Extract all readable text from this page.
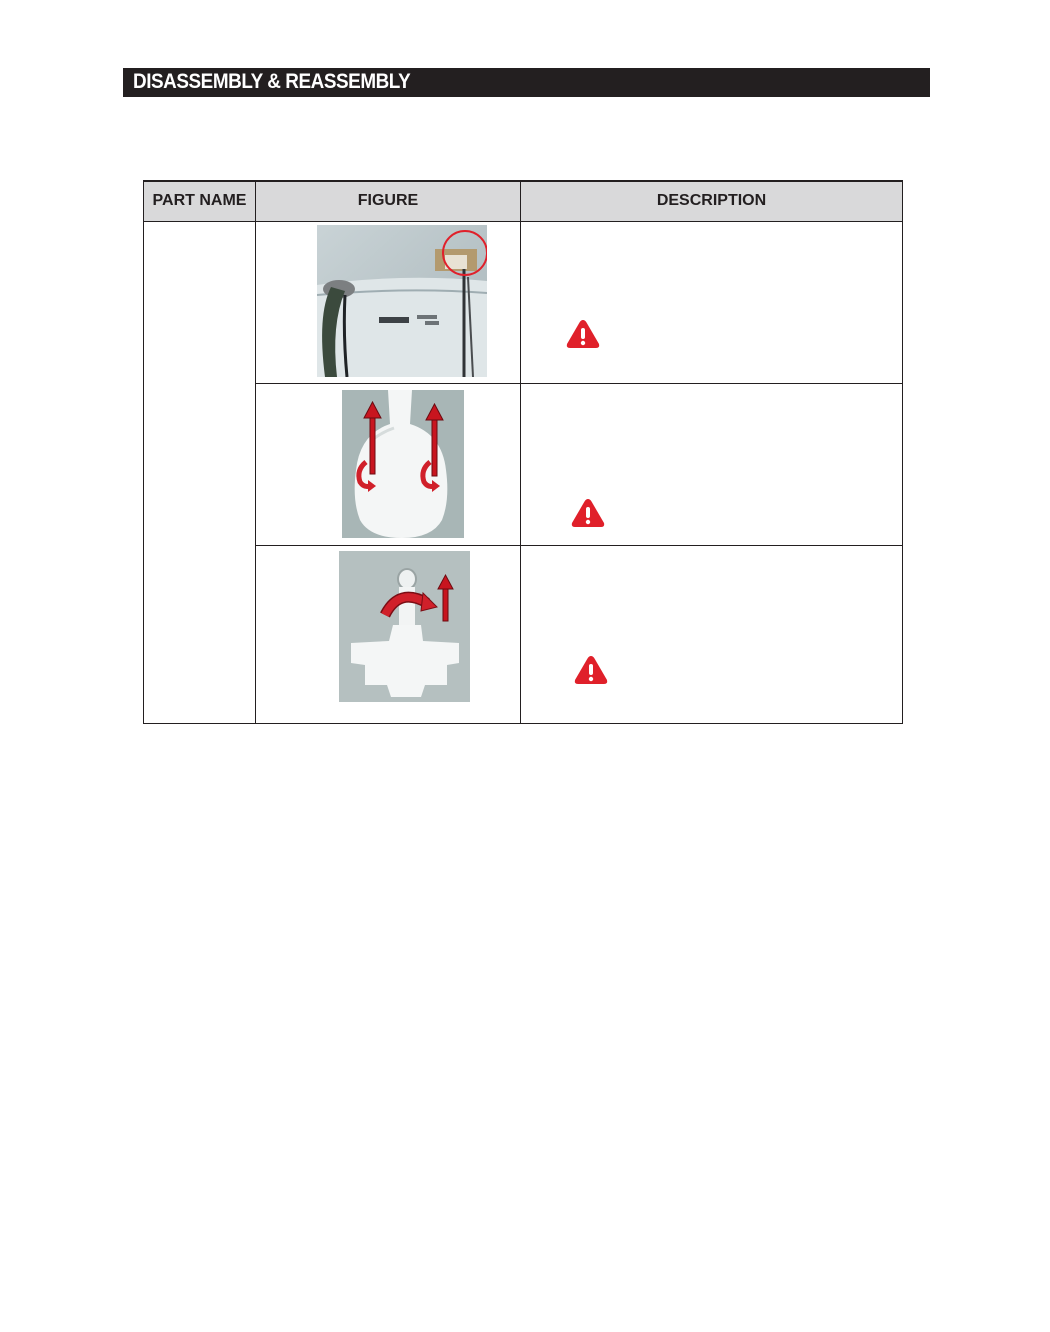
DISASSEMBLY & REASSEMBLY
PART NAME	FIGURE	DESCRIPTION
